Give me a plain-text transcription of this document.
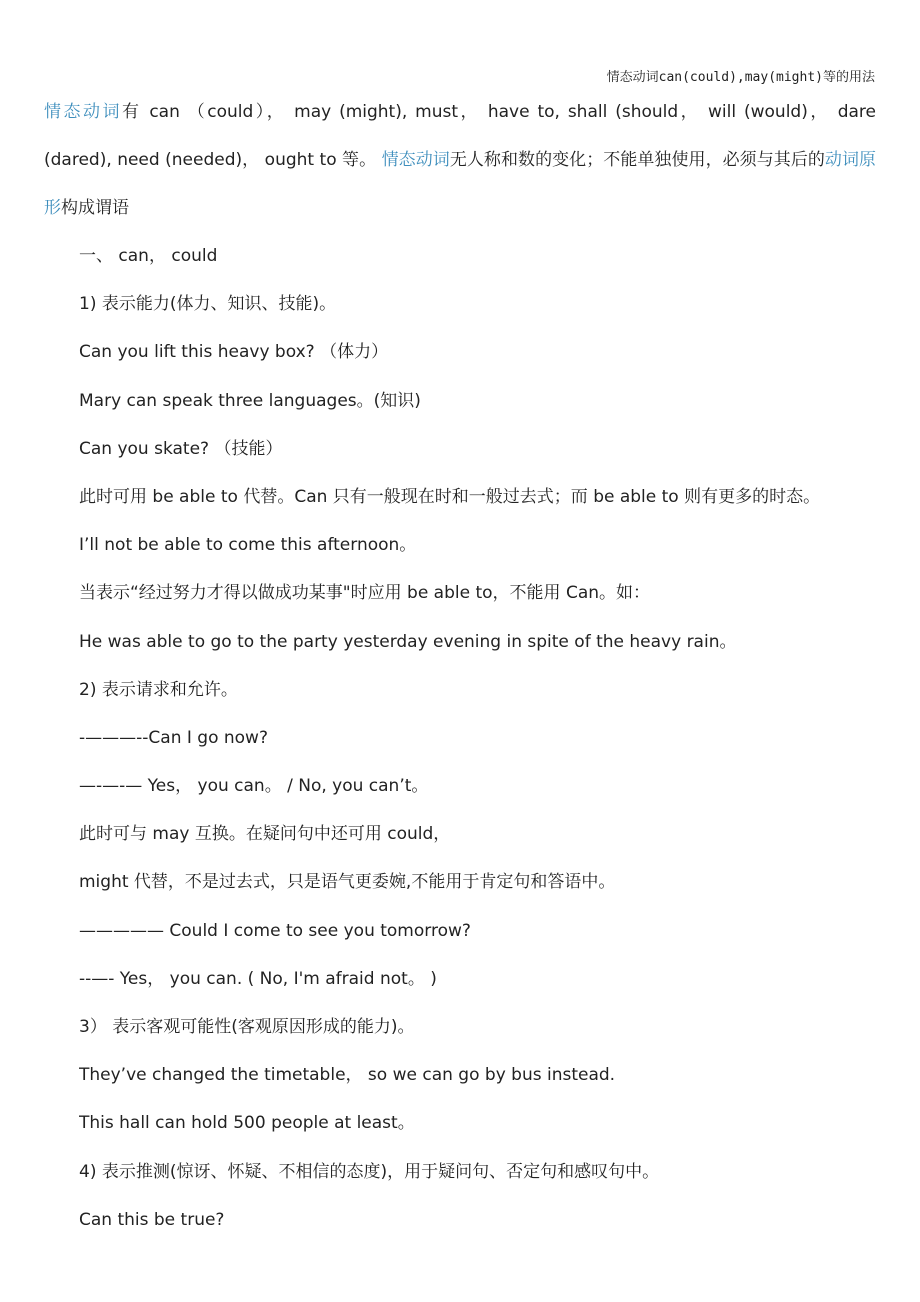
情态动词can(could),may(might)等的用法
情态动词有 can （could）， may (might), must， have to, shall (should， will (would)， dare (dared), need (needed)， ought to 等。 情态动词无人称和数的变化；不能单独使用，必须与其后的动词原形构成谓语
一、 can， could
1) 表示能力(体力、知识、技能)。
Can you lift this heavy box? （体力）
Mary can speak three languages。(知识)
Can you skate? （技能）
此时可用 be able to 代替。Can 只有一般现在时和一般过去式；而 be able to 则有更多的时态。
I’ll not be able to come this afternoon。
当表示“经过努力才得以做成功某事"时应用 be able to，不能用 Can。如：
He was able to go to the party yesterday evening in spite of the heavy rain。
2) 表示请求和允许。
-———--Can I go now?
—-—-— Yes， you can。 / No, you can’t。
此时可与 may 互换。在疑问句中还可用 could，
might 代替，不是过去式，只是语气更委婉,不能用于肯定句和答语中。
————— Could I come to see you tomorrow?
--—- Yes， you can. ( No, I'm afraid not。 )
3） 表示客观可能性(客观原因形成的能力)。
They’ve changed the timetable， so we can go by bus instead.
This hall can hold 500 people at least。
4) 表示推测(惊讶、怀疑、不相信的态度)，用于疑问句、否定句和感叹句中。
Can this be true?
